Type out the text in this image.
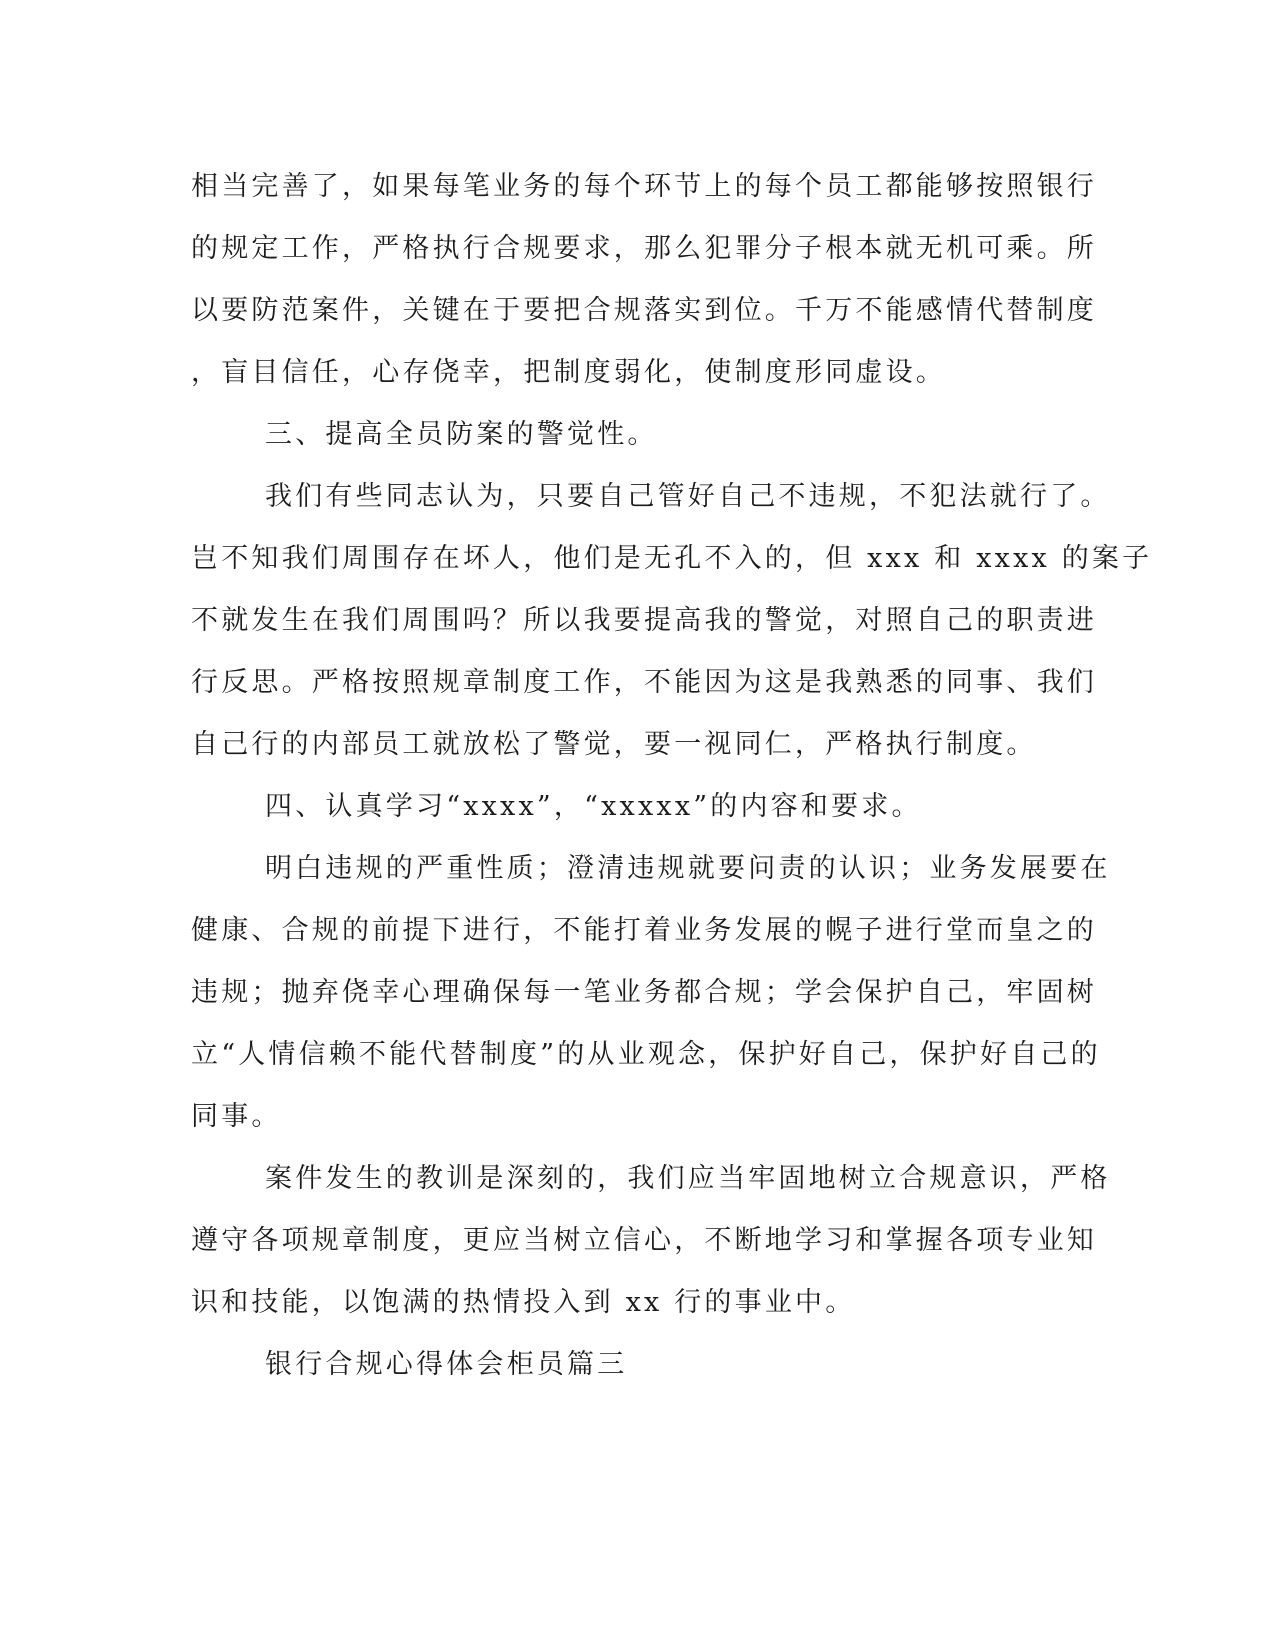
相当完善了，如果每笔业务的每个环节上的每个员工都能够按照银行
的规定工作，严格执行合规要求，那么犯罪分子根本就无机可乘。所
以要防范案件，关键在于要把合规落实到位。千万不能感情代替制度
，盲目信任，心存侥幸，把制度弱化，使制度形同虚设。
三、提高全员防案的警觉性。
我们有些同志认为，只要自己管好自己不违规，不犯法就行了。
岂不知我们周围存在坏人，他们是无孔不入的，但 xxx 和 xxxx 的案子
不就发生在我们周围吗？所以我要提高我的警觉，对照自己的职责进
行反思。严格按照规章制度工作，不能因为这是我熟悉的同事、我们
自己行的内部员工就放松了警觉，要一视同仁，严格执行制度。
四、认真学习“xxxx”，“xxxxx”的内容和要求。
明白违规的严重性质；澄清违规就要问责的认识；业务发展要在
健康、合规的前提下进行，不能打着业务发展的幌子进行堂而皇之的
违规；抛弃侥幸心理确保每一笔业务都合规；学会保护自己，牢固树
立“人情信赖不能代替制度”的从业观念，保护好自己，保护好自己的
同事。
案件发生的教训是深刻的，我们应当牢固地树立合规意识，严格
遵守各项规章制度，更应当树立信心，不断地学习和掌握各项专业知
识和技能，以饱满的热情投入到 xx 行的事业中。
银行合规心得体会柜员篇三
